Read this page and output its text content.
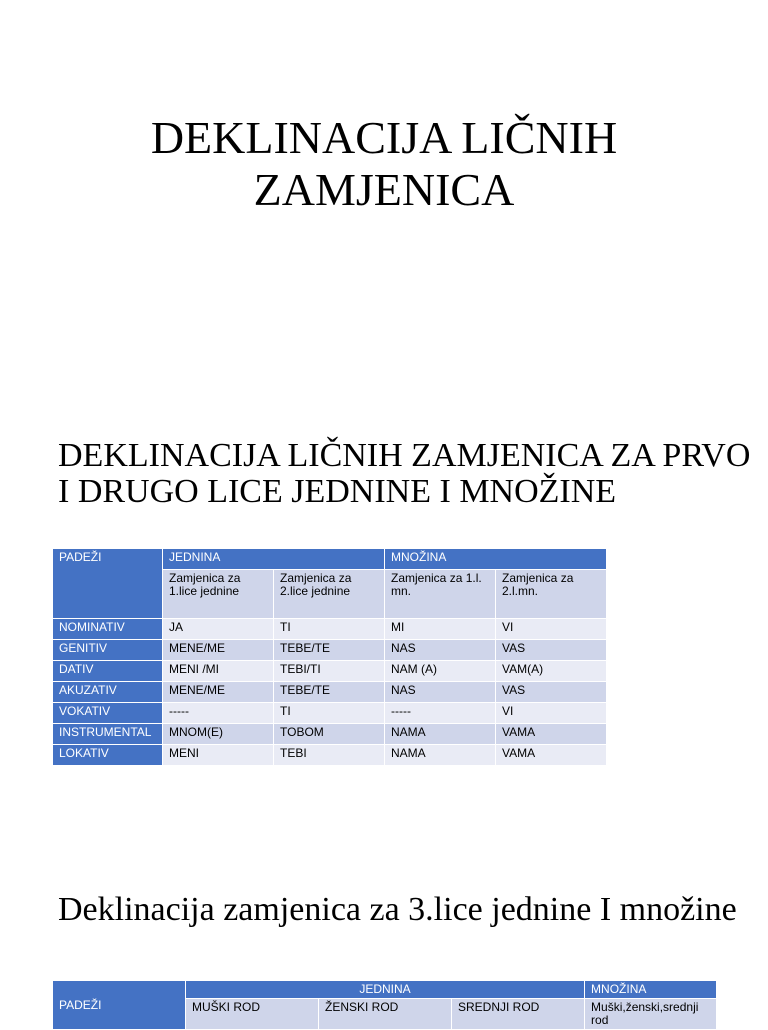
DEKLINACIJA LIČNIH
ZAMJENICA
DEKLINACIJA LIČNIH ZAMJENICA ZA PRVO I DRUGO LICE JEDNINE I MNOŽINE
PADEŽI	JEDNINA		MNOŽINA	
	Zamjenica za 1.lice jednine	Zamjenica za 2.lice jednine	Zamjenica za 1.l. mn.	Zamjenica za 2.l.mn.
NOMINATIV	JA	TI	MI	VI
GENITIV	MENE/ME	TEBE/TE	NAS	VAS
DATIV	MENI /MI	TEBI/TI	NAM (A)	VAM(A)
AKUZATIV	MENE/ME	TEBE/TE	NAS	VAS
VOKATIV	-----	TI	-----	VI
INSTRUMENTAL	MNOM(E)	TOBOM	NAMA	VAMA
LOKATIV	MENI	TEBI	NAMA	VAMA
Deklinacija zamjenica za 3.lice jednine I množine
PADEŽI	JEDNINA			MNOŽINA
	MUŠKI ROD	ŽENSKI ROD	SREDNJI ROD	Muški,ženski,srednji rod
